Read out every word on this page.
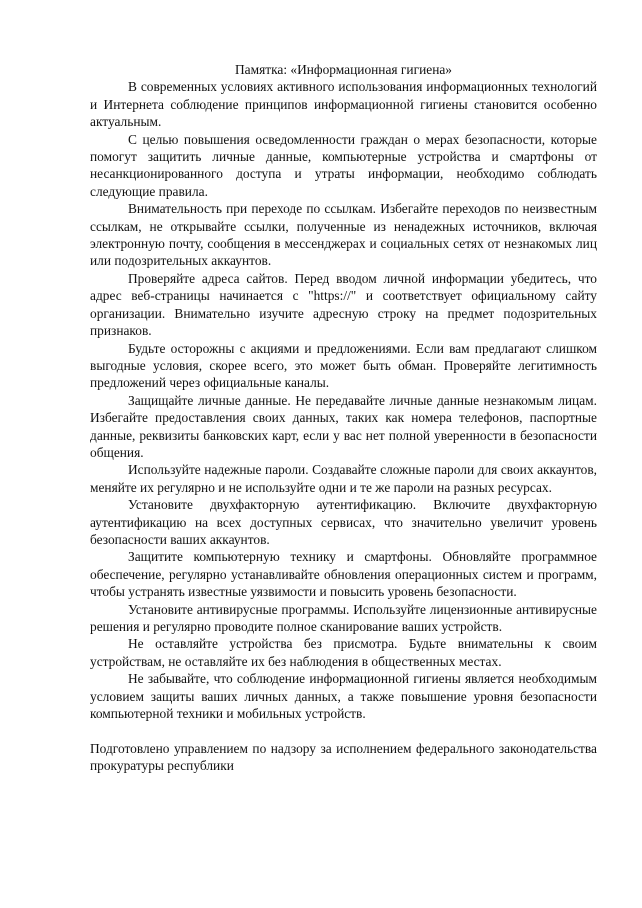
Памятка: «Информационная гигиена»

В современных условиях активного использования информационных технологий и Интернета соблюдение принципов информационной гигиены становится особенно актуальным.

С целью повышения осведомленности граждан о мерах безопасности, которые помогут защитить личные данные, компьютерные устройства и смартфоны от несанкционированного доступа и утраты информации, необходимо соблюдать следующие правила.

Внимательность при переходе по ссылкам. Избегайте переходов по неизвестным ссылкам, не открывайте ссылки, полученные из ненадежных источников, включая электронную почту, сообщения в мессенджерах и социальных сетях от незнакомых лиц или подозрительных аккаунтов.

Проверяйте адреса сайтов. Перед вводом личной информации убедитесь, что адрес веб-страницы начинается с "https://" и соответствует официальному сайту организации. Внимательно изучите адресную строку на предмет подозрительных признаков.

Будьте осторожны с акциями и предложениями. Если вам предлагают слишком выгодные условия, скорее всего, это может быть обман. Проверяйте легитимность предложений через официальные каналы.

Защищайте личные данные. Не передавайте личные данные незнакомым лицам. Избегайте предоставления своих данных, таких как номера телефонов, паспортные данные, реквизиты банковских карт, если у вас нет полной уверенности в безопасности общения.

Используйте надежные пароли. Создавайте сложные пароли для своих аккаунтов, меняйте их регулярно и не используйте одни и те же пароли на разных ресурсах.

Установите двухфакторную аутентификацию. Включите двухфакторную аутентификацию на всех доступных сервисах, что значительно увеличит уровень безопасности ваших аккаунтов.

Защитите компьютерную технику и смартфоны. Обновляйте программное обеспечение, регулярно устанавливайте обновления операционных систем и программ, чтобы устранять известные уязвимости и повысить уровень безопасности.

Установите антивирусные программы. Используйте лицензионные антивирусные решения и регулярно проводите полное сканирование ваших устройств.

Не оставляйте устройства без присмотра. Будьте внимательны к своим устройствам, не оставляйте их без наблюдения в общественных местах.

Не забывайте, что соблюдение информационной гигиены является необходимым условием защиты ваших личных данных, а также повышение уровня безопасности компьютерной техники и мобильных устройств.

Подготовлено управлением по надзору за исполнением федерального законодательства прокуратуры республики
